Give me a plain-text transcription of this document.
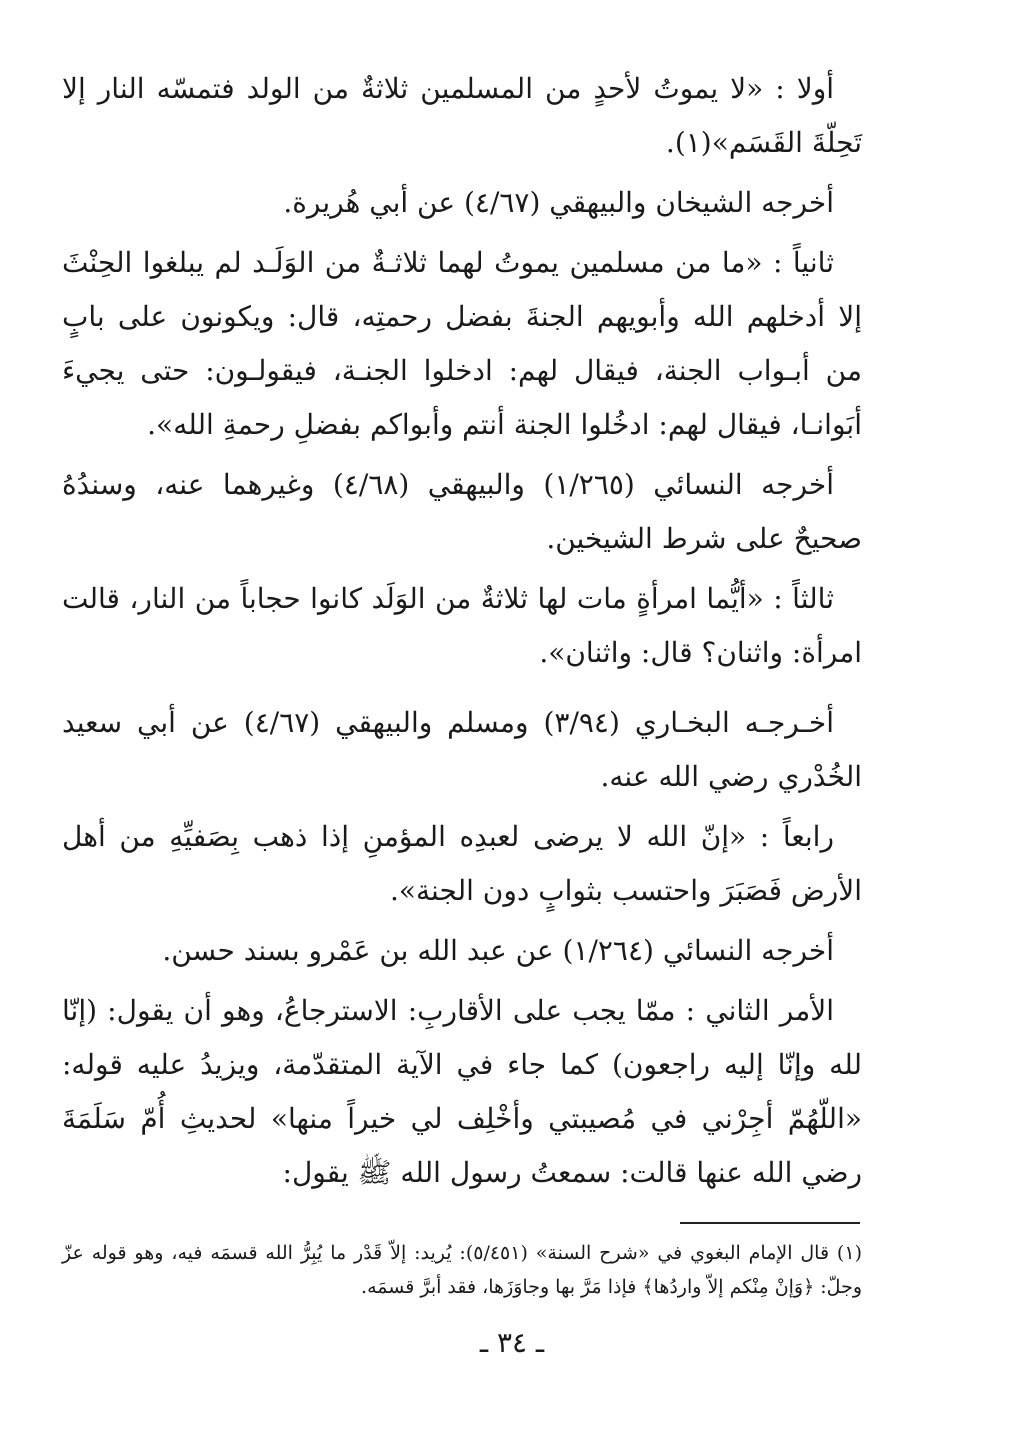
أولا : «لا يموتُ لأحدٍ من المسلمين ثلاثةٌ من الولد فتمسّه النار إلا تَحِلّةَ القَسَم»(١).

أخرجه الشيخان والبيهقي (٤/٦٧) عن أبي هُريرة.

ثانياً : «ما من مسلمين يموتُ لهما ثلاثـةٌ من الوَلَـد لم يبلغوا الحِنْثَ إلا أدخلهم الله وأبويهم الجنةَ بفضل رحمتِه، قال: ويكونون على بابٍ من أبـواب الجنة، فيقال لهم: ادخلوا الجنـة، فيقولـون: حتى يجيءَ أبَوانـا، فيقال لهم: ادخُلوا الجنة أنتم وأبواكم بفضلِ رحمةِ الله».

أخرجه النسائي (١/٢٦٥) والبيهقي (٤/٦٨) وغيرهما عنه، وسندُهُ صحيحٌ على شرط الشيخين.

ثالثاً : «أيُّما امرأةٍ مات لها ثلاثةٌ من الوَلَد كانوا حجاباً من النار، قالت امرأة: واثنان؟ قال: واثنان».

أخـرجـه البخـاري (٣/٩٤) ومسلم والبيهقي (٤/٦٧) عن أبي سعيد الخُدْري رضي الله عنه.

رابعاً : «إنّ الله لا يرضى لعبدِه المؤمنِ إذا ذهب بِصَفيِّهِ من أهل الأرض فَصَبَرَ واحتسب بثوابٍ دون الجنة».

أخرجه النسائي (١/٢٦٤) عن عبد الله بن عَمْرو بسند حسن.

الأمر الثاني : ممّا يجب على الأقاربِ: الاسترجاعُ، وهو أن يقول: (إنّا لله وإنّا إليه راجعون) كما جاء في الآية المتقدّمة، ويزيدُ عليه قوله: «اللّهُمّ أجِرْني في مُصيبتي وأخْلِف لي خيراً منها» لحديثِ أُمّ سَلَمَةَ رضي الله عنها قالت: سمعتُ رسول الله ﷺ يقول:

(١) قال الإمام البغوي في «شرح السنة» (٥/٤٥١): يُريد: إلاّ قَدْر ما يُبِرُّ الله قسمَه فيه، وهو قوله عزّ وجلّ: ﴿وَإنْ مِنْكم إلاّ واردُها﴾ فإذا مَرَّ بها وجاوَزَها، فقد أبرَّ قسمَه.

ـ ٣٤ ـ
